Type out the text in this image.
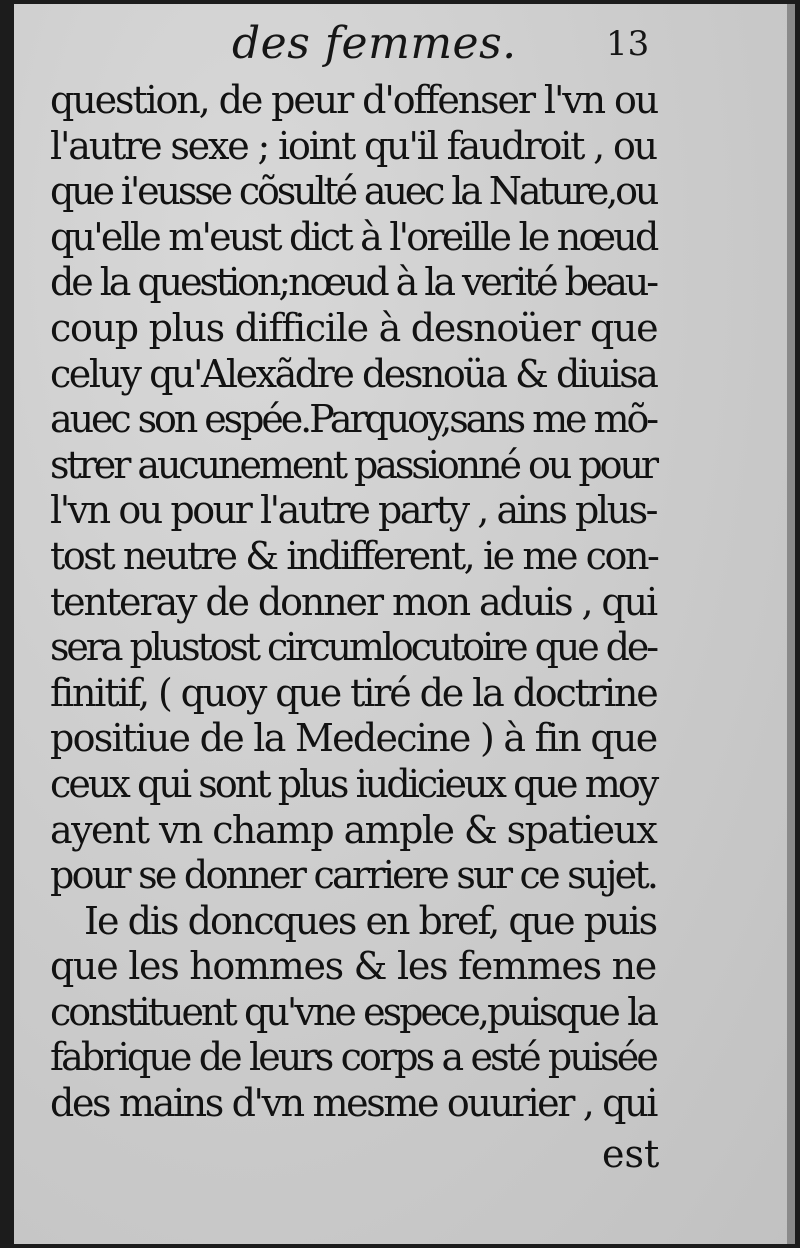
des femmes.	13
question, de peur d'offenser l'vn ou
l'autre sexe ; ioint qu'il faudroit , ou
que i'eusse cõsulté auec la Nature,ou
qu'elle m'eust dict à l'oreille le nœud
de la question;nœud à la verité beau-
coup plus difficile à desnoüer que
celuy qu'Alexãdre desnoüa & diuisa
auec son espée.Parquoy,sans me mõ-
strer aucunement passionné ou pour
l'vn ou pour l'autre party , ains plus-
tost neutre & indifferent, ie me con-
tenteray de donner mon aduis , qui
sera plustost circumlocutoire que de-
finitif, ( quoy que tiré de la doctrine
positiue de la Medecine ) à fin que
ceux qui sont plus iudicieux que moy
ayent vn champ ample & spatieux
pour se donner carriere sur ce sujet.
Ie dis doncques en bref, que puis
que les hommes & les femmes ne
constituent qu'vne espece,puisque la
fabrique de leurs corps a esté puisée
des mains d'vn mesme ouurier , qui
est
